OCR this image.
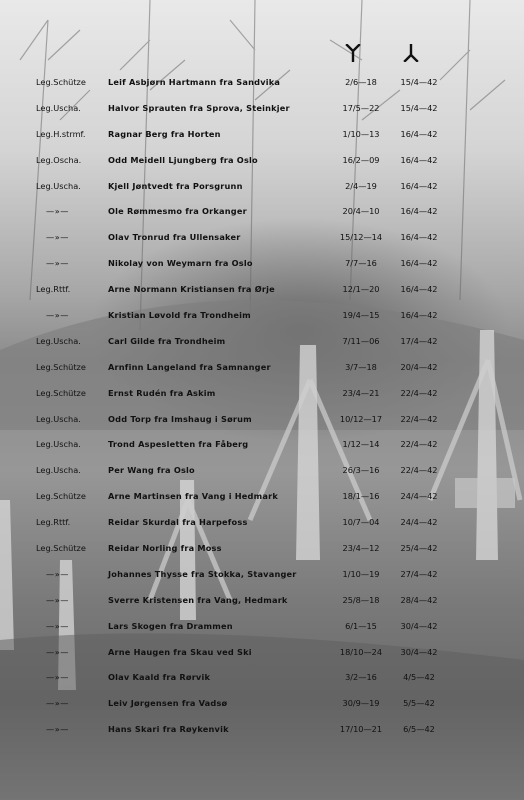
Leg.Schütze	Leif Asbjørn Hartmann fra Sandvika	2/6—18	15/4—42
Leg.Uscha.	Halvor Sprauten fra Sprova, Steinkjer	17/5—22	15/4—42
Leg.H.strmf.	Ragnar Berg fra Horten	1/10—13	16/4—42
Leg.Oscha.	Odd Meidell Ljungberg fra Oslo	16/2—09	16/4—42
Leg.Uscha.	Kjell Jøntvedt fra Porsgrunn	2/4—19	16/4—42
—»—	Ole Rømmesmo fra Orkanger	20/4—10	16/4—42
—»—	Olav Tronrud fra Ullensaker	15/12—14	16/4—42
—»—	Nikolay von Weymarn fra Oslo	7/7—16	16/4—42
Leg.Rttf.	Arne Normann Kristiansen fra Ørje	12/1—20	16/4—42
—»—	Kristian Løvold fra Trondheim	19/4—15	16/4—42
Leg.Uscha.	Carl Gilde fra Trondheim	7/11—06	17/4—42
Leg.Schütze	Arnfinn Langeland fra Samnanger	3/7—18	20/4—42
Leg.Schütze	Ernst Rudén fra Askim	23/4—21	22/4—42
Leg.Uscha.	Odd Torp fra Imshaug i Sørum	10/12—17	22/4—42
Leg.Uscha.	Trond Aspesletten fra Fåberg	1/12—14	22/4—42
Leg.Uscha.	Per Wang fra Oslo	26/3—16	22/4—42
Leg.Schütze	Arne Martinsen fra Vang i Hedmark	18/1—16	24/4—42
Leg.Rttf.	Reidar Skurdal fra Harpefoss	10/7—04	24/4—42
Leg.Schütze	Reidar Norling fra Moss	23/4—12	25/4—42
—»—	Johannes Thysse fra Stokka, Stavanger	1/10—19	27/4—42
—»—	Sverre Kristensen fra Vang, Hedmark	25/8—18	28/4—42
—»—	Lars Skogen fra Drammen	6/1—15	30/4—42
—»—	Arne Haugen fra Skau ved Ski	18/10—24	30/4—42
—»—	Olav Kaald fra Rørvik	3/2—16	4/5—42
—»—	Leiv Jørgensen fra Vadsø	30/9—19	5/5—42
—»—	Hans Skari fra Røykenvik	17/10—21	6/5—42
